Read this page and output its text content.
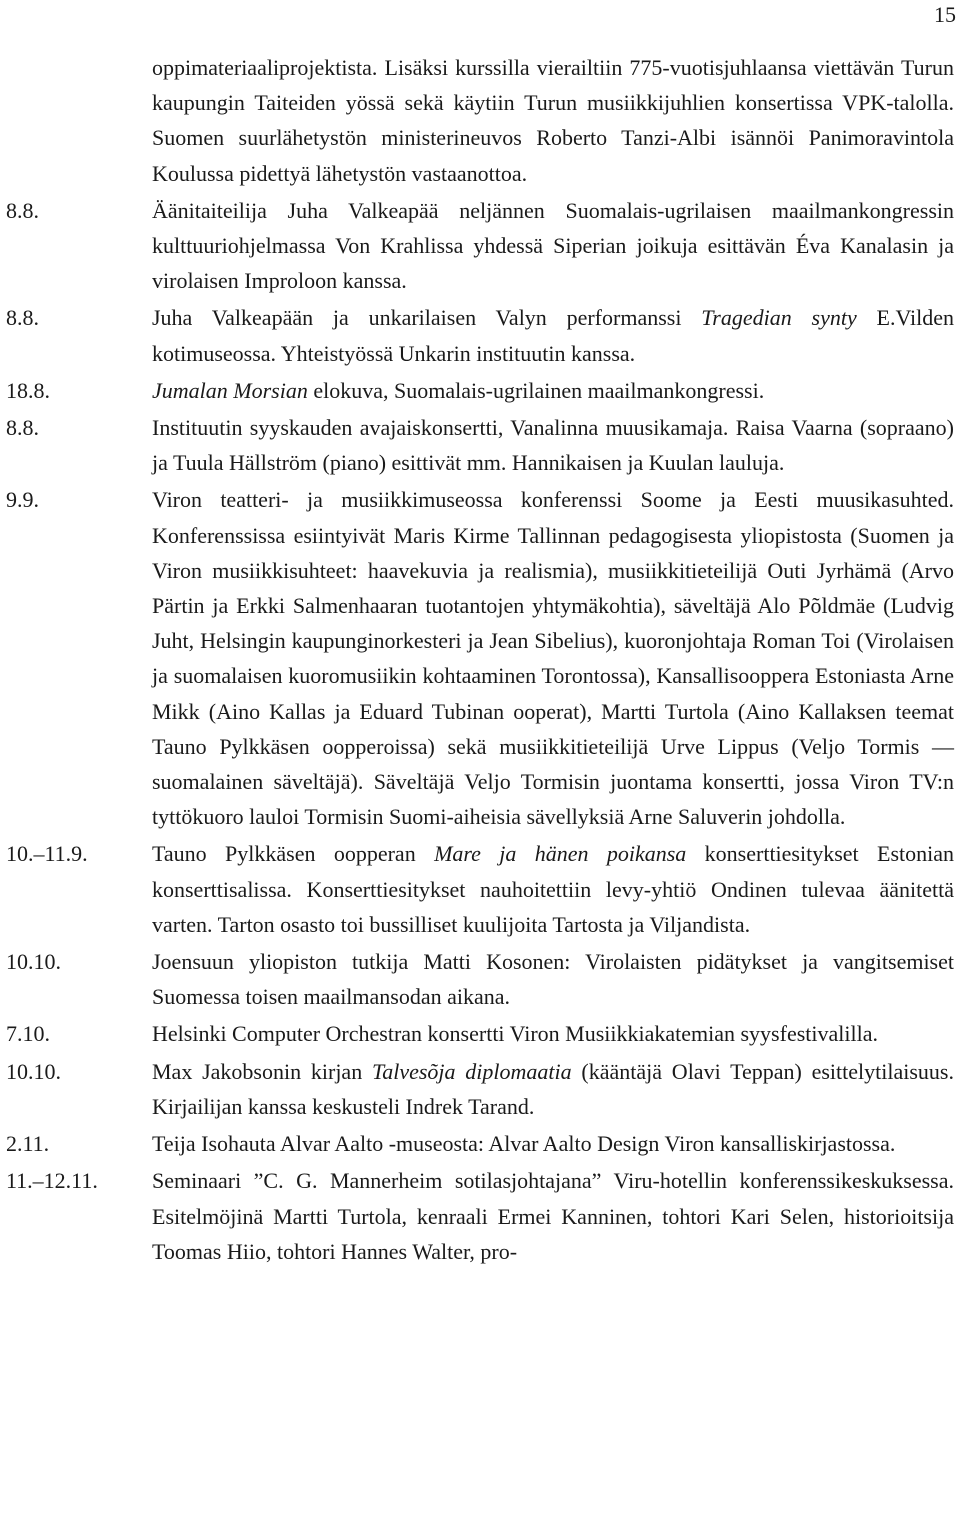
15
oppimateriaaliprojektista. Lisäksi kurssilla vierailtiin 775-vuotisjuhlaansa viettävän Turun kaupungin Taiteiden yössä sekä käytiin Turun musiikkijuhlien konsertissa VPK-talolla. Suomen suurlähetystön ministerineuvos Roberto Tanzi-Albi isännöi Panimoravintola Koulussa pidettyä lähetystön vastaanottoa.
8.8.	Äänitaiteilija Juha Valkeapää neljännen Suomalais-ugrilaisen maailmankongressin kulttuuriohjelmassa Von Krahlissa yhdessä Siperian joikuja esittävän Éva Kanalasin ja virolaisen Improloon kanssa.
8.8.	Juha Valkeapään ja unkarilaisen Valyn performanssi Tragedian synty E.Vilden kotimuseossa. Yhteistyössä Unkarin instituutin kanssa.
18.8.	Jumalan Morsian elokuva, Suomalais-ugrilainen maailmankongressi.
8.8.	Instituutin syyskauden avajaiskonsertti, Vanalinna muusikamaja. Raisa Vaarna (sopraano) ja Tuula Hällström (piano) esittivät mm. Hannikaisen ja Kuulan lauluja.
9.9.	Viron teatteri- ja musiikkimuseossa konferenssi Soome ja Eesti muusikasuhted. Konferenssissa esiintyivät Maris Kirme Tallinnan pedagogisesta yliopistosta (Suomen ja Viron musiikkisuhteet: haavekuvia ja realismia), musiikkitieteilijä Outi Jyrhämä (Arvo Pärtin ja Erkki Salmenhaaran tuotantojen yhtymäkohtia), säveltäjä Alo Põldmäe (Ludvig Juht, Helsingin kaupunginorkesteri ja Jean Sibelius), kuoronjohtaja Roman Toi (Virolaisen ja suomalaisen kuoromusiikin kohtaaminen Torontossa), Kansallisooppera Estoniasta Arne Mikk (Aino Kallas ja Eduard Tubinan ooperat), Martti Turtola (Aino Kallaksen teemat Tauno Pylkkäsen oopperoissa) sekä musiikkitieteilijä Urve Lippus (Veljo Tormis — suomalainen säveltäjä). Säveltäjä Veljo Tormisin juontama konsertti, jossa Viron TV:n tyttökuoro lauloi Tormisin Suomi-aiheisia sävellyksiä Arne Saluverin johdolla.
10.–11.9.	Tauno Pylkkäsen oopperan Mare ja hänen poikansa konserttiesitykset Estonian konserttisalissa. Konserttiesitykset nauhoitettiin levy-yhtiö Ondinen tulevaa äänitettä varten. Tarton osasto toi bussilliset kuulijoita Tartosta ja Viljandista.
10.10.	Joensuun yliopiston tutkija Matti Kosonen: Virolaisten pidätykset ja vangitsemiset Suomessa toisen maailmansodan aikana.
7.10.	Helsinki Computer Orchestran konsertti Viron Musiikkiakatemian syysfestivalilla.
10.10.	Max Jakobsonin kirjan Talvesõja diplomaatia (kääntäjä Olavi Teppan) esittelytilaisuus. Kirjailijan kanssa keskusteli Indrek Tarand.
2.11.	Teija Isohauta Alvar Aalto -museosta: Alvar Aalto Design Viron kansalliskirjastossa.
11.–12.11.	Seminaari ”C. G. Mannerheim sotilasjohtajana” Viru-hotellin konferenssikeskuksessa. Esitelmöjinä Martti Turtola, kenraali Ermei Kanninen, tohtori Kari Selen, historioitsija Toomas Hiio, tohtori Hannes Walter, pro-
